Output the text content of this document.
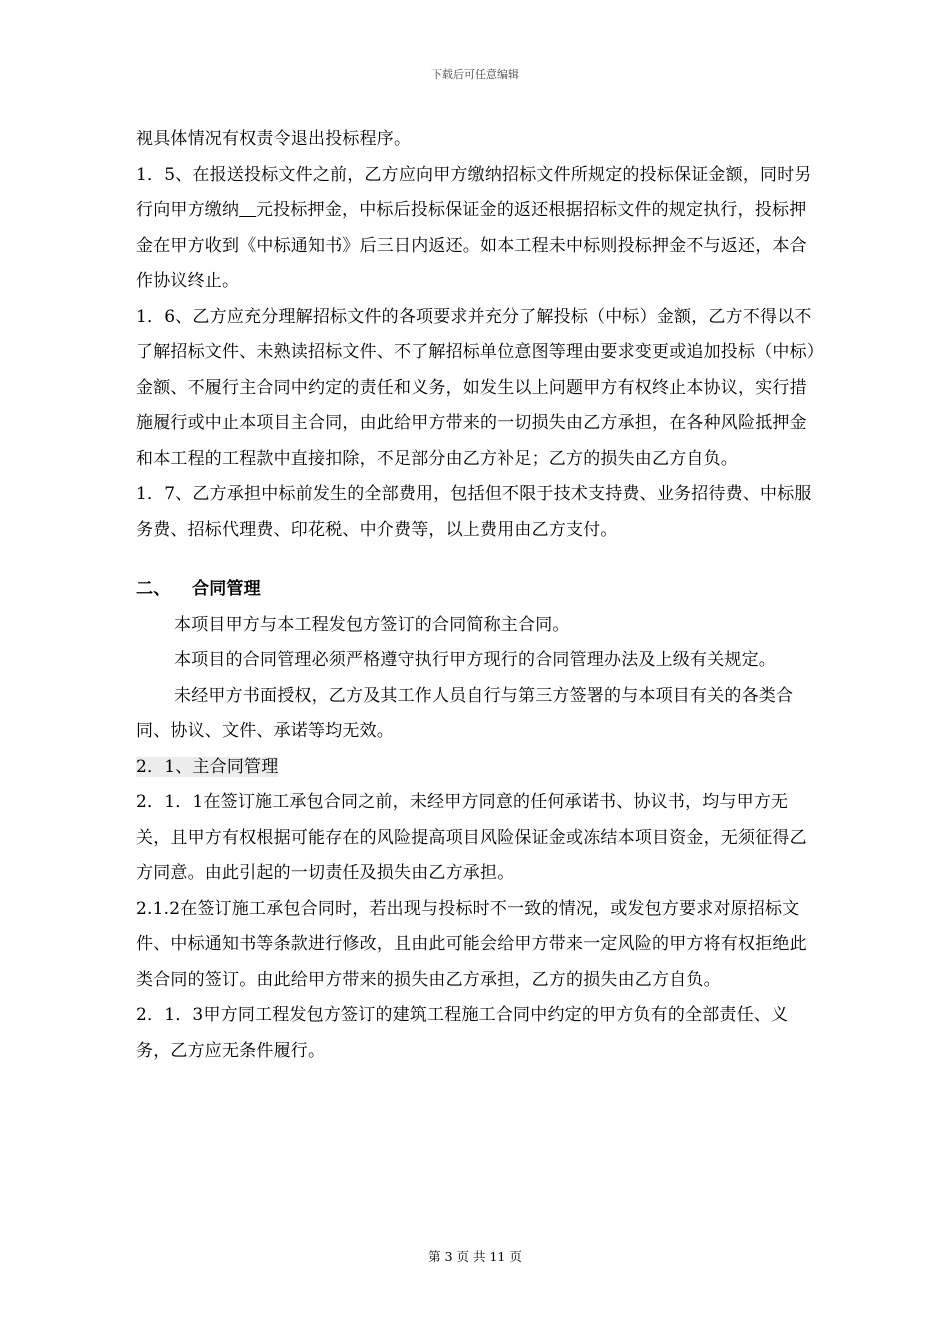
下载后可任意编辑

视具体情况有权责令退出投标程序。

1．5、在报送投标文件之前，乙方应向甲方缴纳招标文件所规定的投标保证金额，同时另行向甲方缴纳 元投标押金，中标后投标保证金的返还根据招标文件的规定执行，投标押金在甲方收到《中标通知书》后三日内返还。如本工程未中标则投标押金不与返还，本合作协议终止。

1．6、乙方应充分理解招标文件的各项要求并充分了解投标（中标）金额，乙方不得以不了解招标文件、未熟读招标文件、不了解招标单位意图等理由要求变更或追加投标（中标）金额、不履行主合同中约定的责任和义务，如发生以上问题甲方有权终止本协议，实行措施履行或中止本项目主合同，由此给甲方带来的一切损失由乙方承担，在各种风险抵押金和本工程的工程款中直接扣除，不足部分由乙方补足；乙方的损失由乙方自负。

1．7、乙方承担中标前发生的全部费用，包括但不限于技术支持费、业务招待费、中标服务费、招标代理费、印花税、中介费等，以上费用由乙方支付。

二、 合同管理

本项目甲方与本工程发包方签订的合同简称主合同。

本项目的合同管理必须严格遵守执行甲方现行的合同管理办法及上级有关规定。

未经甲方书面授权，乙方及其工作人员自行与第三方签署的与本项目有关的各类合同、协议、文件、承诺等均无效。

2．1、主合同管理

2．1．1在签订施工承包合同之前，未经甲方同意的任何承诺书、协议书，均与甲方无关，且甲方有权根据可能存在的风险提高项目风险保证金或冻结本项目资金，无须征得乙方同意。由此引起的一切责任及损失由乙方承担。

2.1.2在签订施工承包合同时，若出现与投标时不一致的情况，或发包方要求对原招标文件、中标通知书等条款进行修改，且由此可能会给甲方带来一定风险的甲方将有权拒绝此类合同的签订。由此给甲方带来的损失由乙方承担，乙方的损失由乙方自负。

2．1．3甲方同工程发包方签订的建筑工程施工合同中约定的甲方负有的全部责任、义务，乙方应无条件履行。

第 3 页 共 11 页
